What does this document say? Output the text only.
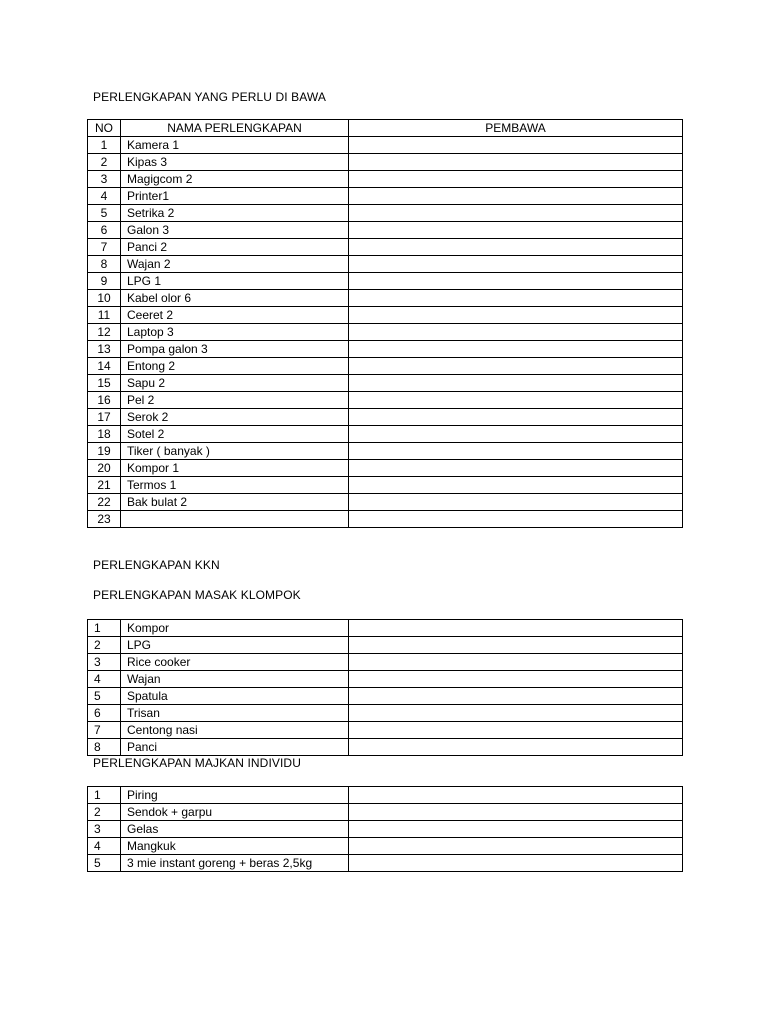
PERLENGKAPAN YANG PERLU DI BAWA
NO	NAMA PERLENGKAPAN	PEMBAWA
1	Kamera 1	
2	Kipas 3	
3	Magigcom 2	
4	Printer1	
5	Setrika 2	
6	Galon 3	
7	Panci 2	
8	Wajan 2	
9	LPG 1	
10	Kabel olor 6	
11	Ceeret 2	
12	Laptop 3	
13	Pompa galon 3	
14	Entong 2	
15	Sapu 2	
16	Pel 2	
17	Serok 2	
18	Sotel 2	
19	Tiker ( banyak )	
20	Kompor 1	
21	Termos 1	
22	Bak bulat 2	
23		
PERLENGKAPAN KKN
PERLENGKAPAN MASAK KLOMPOK
1	Kompor	
2	LPG	
3	Rice cooker	
4	Wajan	
5	Spatula	
6	Trisan	
7	Centong nasi	
8	Panci	
PERLENGKAPAN MAJKAN INDIVIDU
1	Piring	
2	Sendok + garpu	
3	Gelas	
4	Mangkuk	
5	3 mie instant goreng + beras 2,5kg	
